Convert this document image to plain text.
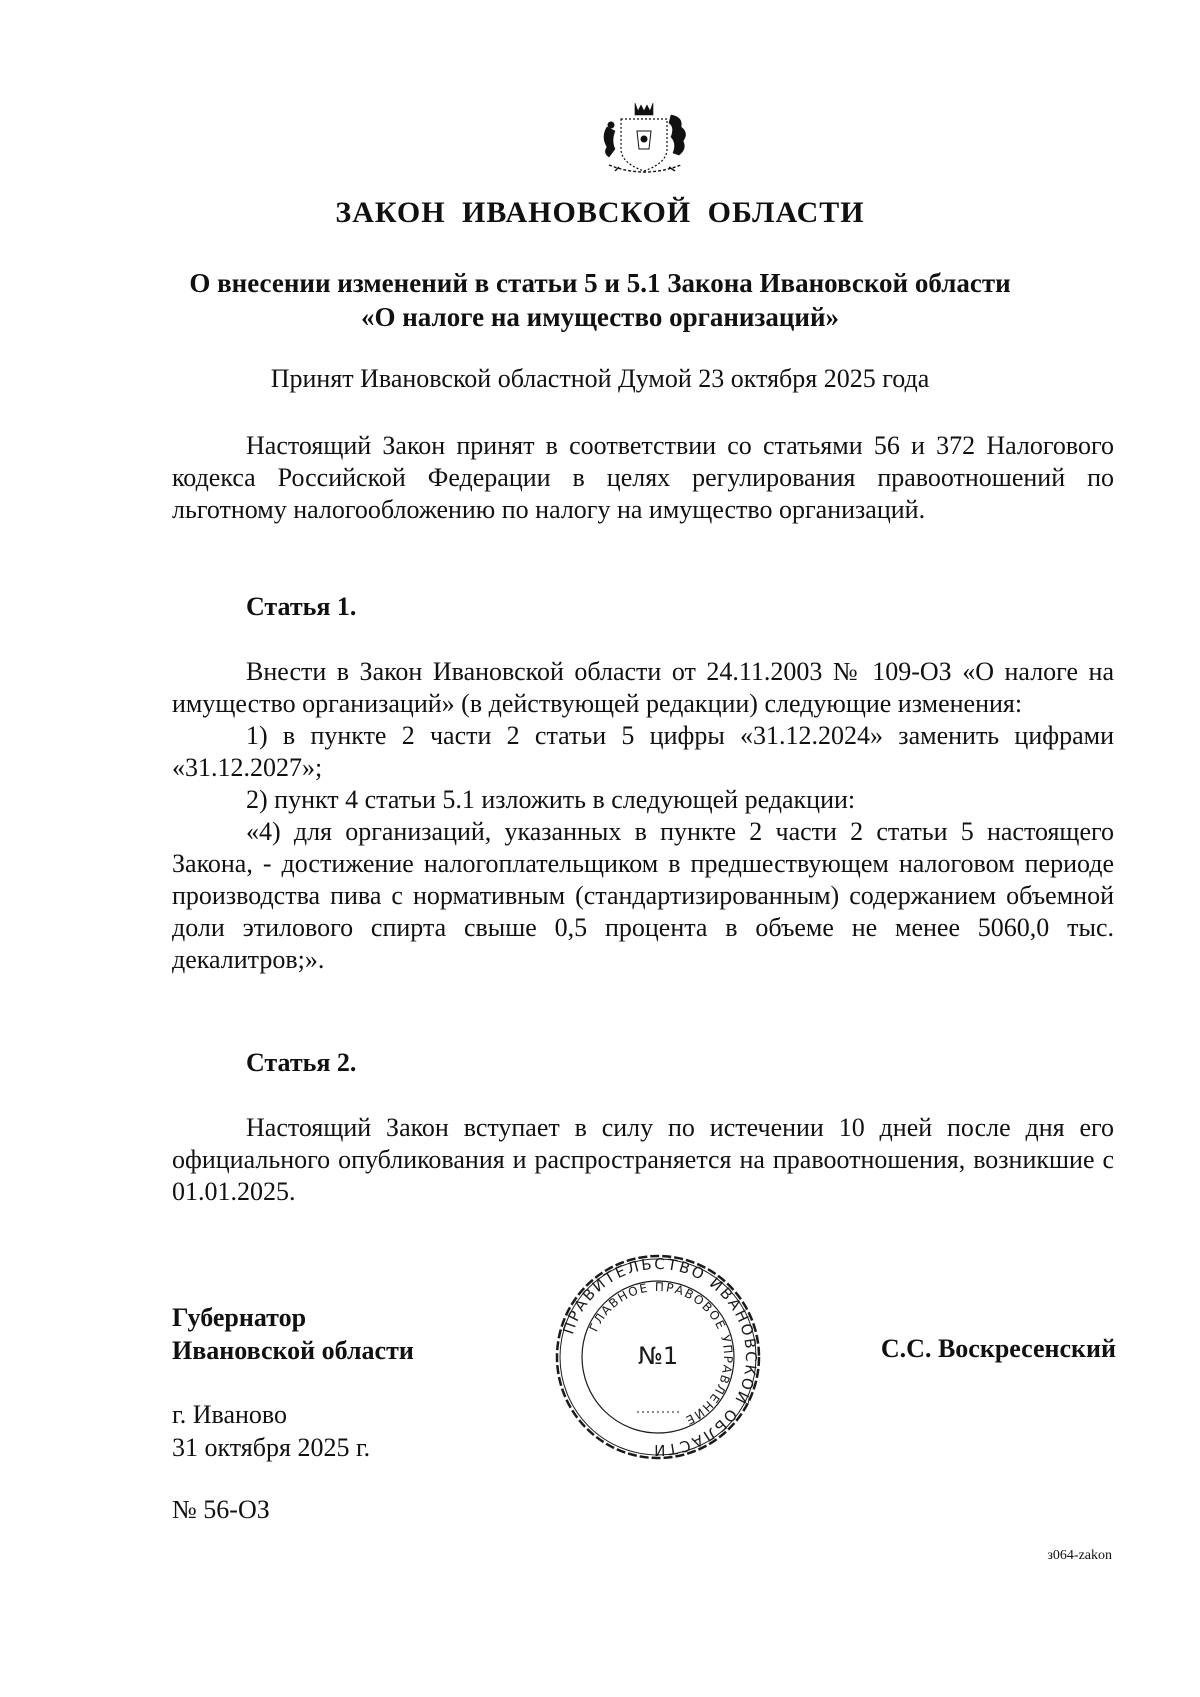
ЗАКОН ИВАНОВСКОЙ ОБЛАСТИ
О внесении изменений в статьи 5 и 5.1 Закона Ивановской области
«О налоге на имущество организаций»
Принят Ивановской областной Думой 23 октября 2025 года

Настоящий Закон принят в соответствии со статьями 56 и 372 Налогового кодекса Российской Федерации в целях регулирования правоотношений по льготному налогообложению по налогу на имущество организаций.

Статья 1.

Внести в Закон Ивановской области от 24.11.2003 № 109-ОЗ «О налоге на имущество организаций» (в действующей редакции) следующие изменения:

1) в пункте 2 части 2 статьи 5 цифры «31.12.2024» заменить цифрами «31.12.2027»;

2) пункт 4 статьи 5.1 изложить в следующей редакции:

«4) для организаций, указанных в пункте 2 части 2 статьи 5 настоящего Закона, - достижение налогоплательщиком в предшествующем налоговом периоде производства пива с нормативным (стандартизированным) содержанием объемной доли этилового спирта свыше 0,5 процента в объеме не менее 5060,0 тыс. декалитров;».

Статья 2.

Настоящий Закон вступает в силу по истечении 10 дней после дня его официального опубликования и распространяется на правоотношения, возникшие с 01.01.2025.

Губернатор
Ивановской области
ПРАВИТЕЛЬСТВО ИВАНОВСКОЙ ОБЛАСТИ
ГЛАВНОЕ ПРАВОВОЕ УПРАВЛЕНИЕ
№1	С.С. Воскресенский
г. Иваново
31 октября 2025 г.
№ 56-ОЗ
з064-zakon
